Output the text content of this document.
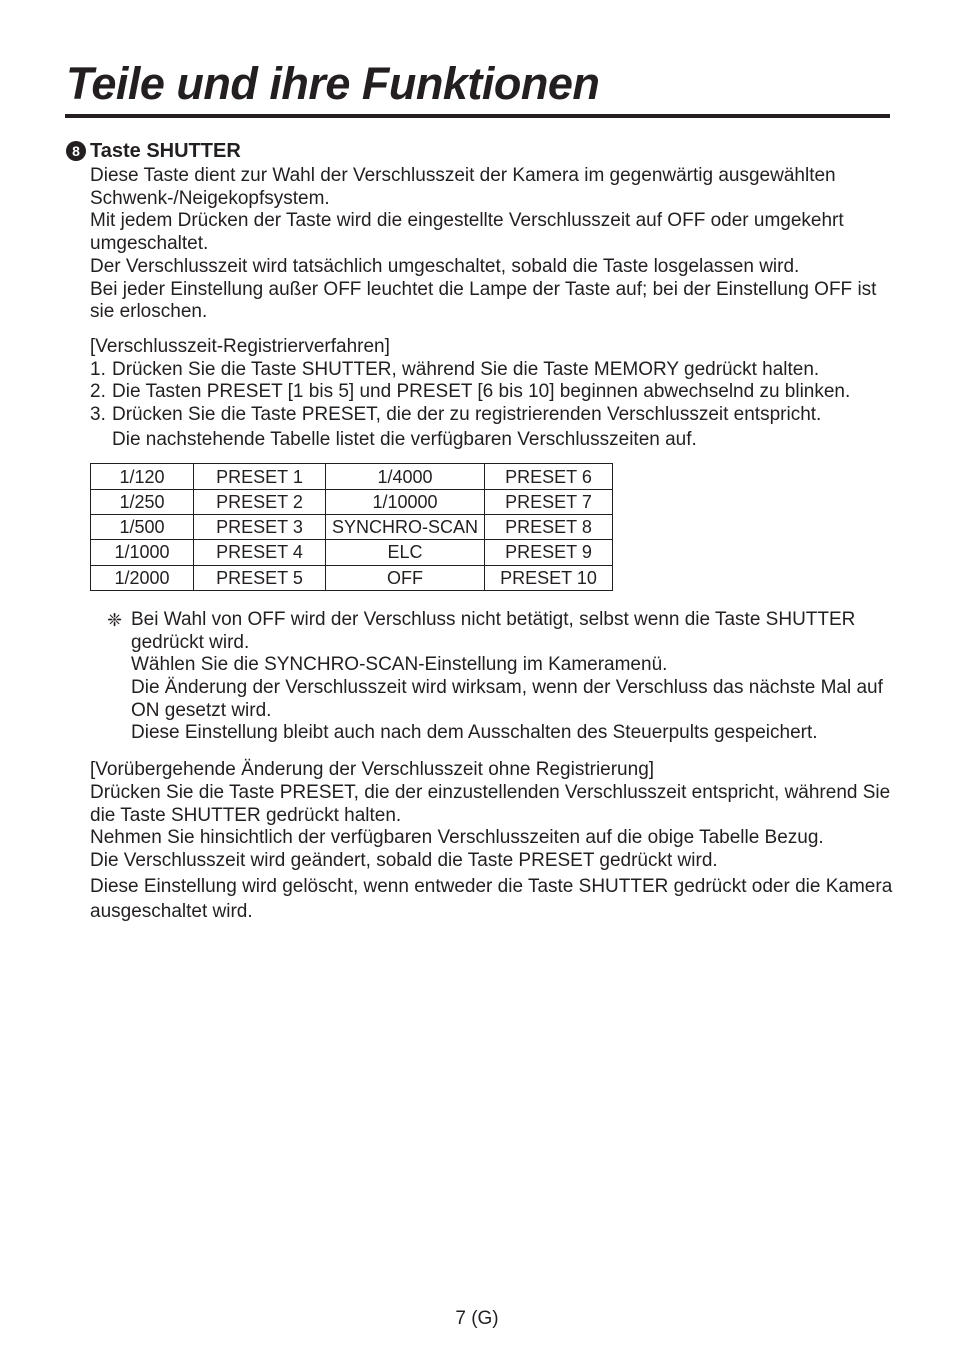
Teile und ihre Funktionen
8 Taste SHUTTER

Diese Taste dient zur Wahl der Verschlusszeit der Kamera im gegenwärtig ausgewählten Schwenk-/Neigekopfsystem.

Mit jedem Drücken der Taste wird die eingestellte Verschlusszeit auf OFF oder umgekehrt umgeschaltet.

Der Verschlusszeit wird tatsächlich umgeschaltet, sobald die Taste losgelassen wird.

Bei jeder Einstellung außer OFF leuchtet die Lampe der Taste auf; bei der Einstellung OFF ist sie erloschen.

[Verschlusszeit-Registrierverfahren]

1. Drücken Sie die Taste SHUTTER, während Sie die Taste MEMORY gedrückt halten.
2. Die Tasten PRESET [1 bis 5] und PRESET [6 bis 10] beginnen abwechselnd zu blinken.
3. Drücken Sie die Taste PRESET, die der zu registrierenden Verschlusszeit entspricht.

Die nachstehende Tabelle listet die verfügbaren Verschlusszeiten auf.

1/120	PRESET 1	1/4000	PRESET 6
1/250	PRESET 2	1/10000	PRESET 7
1/500	PRESET 3	SYNCHRO-SCAN	PRESET 8
1/1000	PRESET 4	ELC	PRESET 9
1/2000	PRESET 5	OFF	PRESET 10
❈ Bei Wahl von OFF wird der Verschluss nicht betätigt, selbst wenn die Taste SHUTTER gedrückt wird.

Wählen Sie die SYNCHRO-SCAN-Einstellung im Kameramenü.

Die Änderung der Verschlusszeit wird wirksam, wenn der Verschluss das nächste Mal auf ON gesetzt wird.

Diese Einstellung bleibt auch nach dem Ausschalten des Steuerpults gespeichert.

[Vorübergehende Änderung der Verschlusszeit ohne Registrierung]

Drücken Sie die Taste PRESET, die der einzustellenden Verschlusszeit entspricht, während Sie die Taste SHUTTER gedrückt halten.

Nehmen Sie hinsichtlich der verfügbaren Verschlusszeiten auf die obige Tabelle Bezug.

Die Verschlusszeit wird geändert, sobald die Taste PRESET gedrückt wird.

Diese Einstellung wird gelöscht, wenn entweder die Taste SHUTTER gedrückt oder die Kamera ausgeschaltet wird.

7 (G)
